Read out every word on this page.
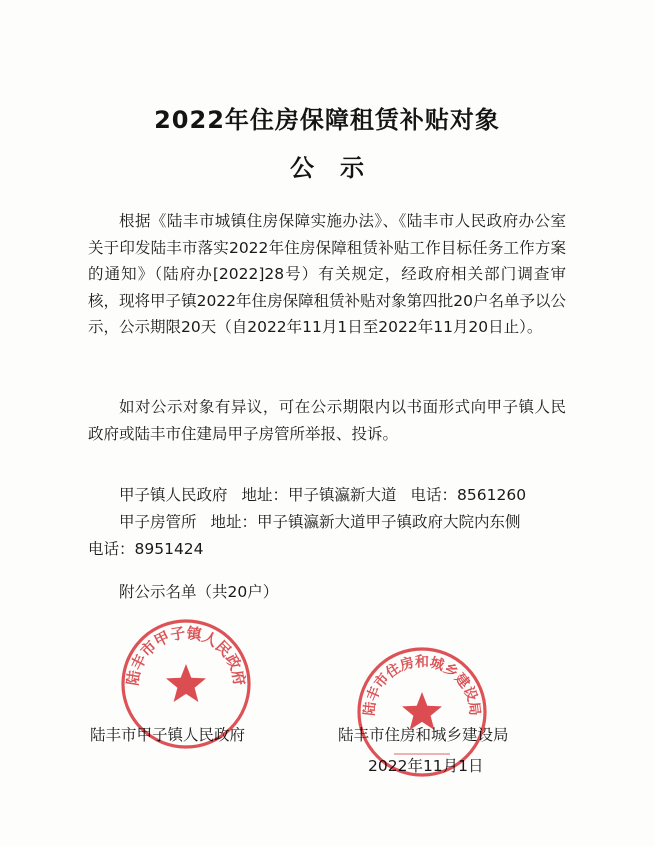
2022年住房保障租赁补贴对象
公示
根据《陆丰市城镇住房保障实施办法》、《陆丰市人民政府办公室关于印发陆丰市落实2022年住房保障租赁补贴工作目标任务工作方案的通知》（陆府办[2022]28号）有关规定，经政府相关部门调查审核，现将甲子镇2022年住房保障租赁补贴对象第四批20户名单予以公示，公示期限20天（自2022年11月1日至2022年11月20日止）。
如对公示对象有异议，可在公示期限内以书面形式向甲子镇人民政府或陆丰市住建局甲子房管所举报、投诉。
甲子镇人民政府 地址：甲子镇瀛新大道 电话：8561260
甲子房管所 地址：甲子镇瀛新大道甲子镇政府大院内东侧
电话：8951424
附公示名单（共20户）
陆丰市甲子镇人民政府	陆丰市住房和城乡建设局
2022年11月1日
陆丰市甲子镇人民政府
陆丰市住房和城乡建设局
